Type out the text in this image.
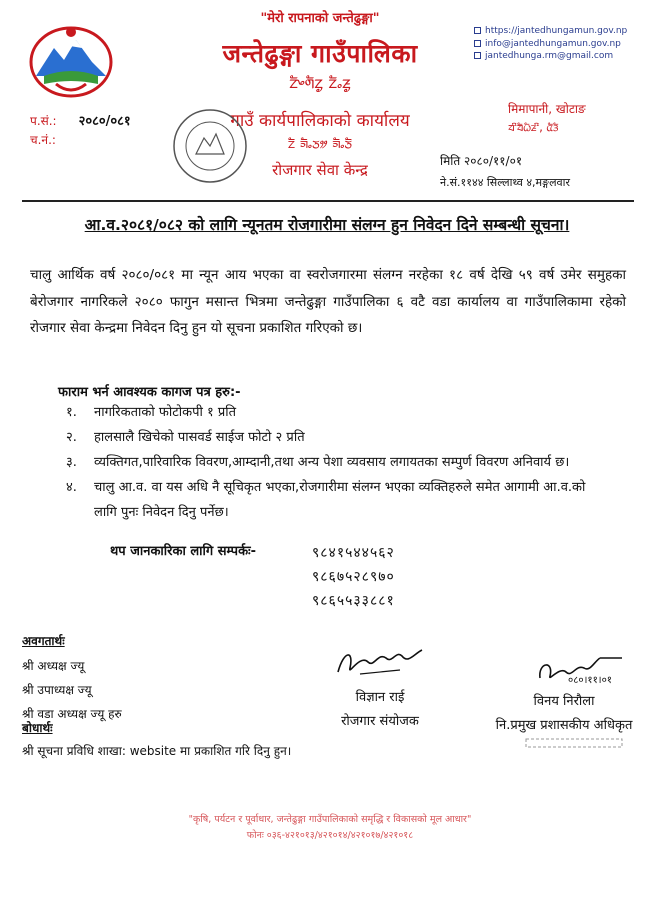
"मेरो रापनाको जन्तेढुङ्गा"
जन्तेढुङ्गा गाउँपालिका
ᤁᤠᤴᤛᤠᤁᤢ ᤁᤠᤱᤏᤢ
गाउँ कार्यपालिकाको कार्यालय
ᤁᤠ ᤈᤠᤱᤍᤤ ᤈᤠᤱᤍᤠ
रोजगार सेवा केन्द्र
https://jantedhungamun.gov.np
info@jantedhungamun.gov.np
jantedhunga.rm@gmail.com
प.सं.: २०८०/०८१
च.नं.:
मिमापानी, खोटाङ
ᤔᤡᤔᤠᤐᤠᤏᤡ, ᤂᤠᤋᤠ
मिति २०८०/११/०१
ने.सं.११४४ सिल्लाथ्व ४,मङ्गलवार
आ.व.२०८१/०८२ को लागि न्यूनतम रोजगारीमा संलग्न हुन निवेदन दिने सम्बन्धी सूचना।
चालु आर्थिक वर्ष २०८०/०८१ मा न्यून आय भएका वा स्वरोजगारमा संलग्न नरहेका १८ वर्ष देखि ५९ वर्ष उमेर समुहका बेरोजगार नागरिकले २०८० फागुन मसान्त भित्रमा जन्तेढुङ्गा गाउँपालिका ६ वटै वडा कार्यालय वा गाउँपालिकामा रहेको रोजगार सेवा केन्द्रमा निवेदन दिनु हुन यो सूचना प्रकाशित गरिएको छ।
फाराम भर्न आवश्यक कागज पत्र हरु:-
१.	नागरिकताको फोटोकपी १ प्रति
२.	हालसालै खिचेको पासवर्ड साईज फोटो २ प्रति
३.	व्यक्तिगत,पारिवारिक विवरण,आम्दानी,तथा अन्य पेशा व्यवसाय लगायतका सम्पुर्ण विवरण अनिवार्य छ।
४.	चालु आ.व. वा यस अधि नै सूचिकृत भएका,रोजगारीमा संलग्न भएका व्यक्तिहरुले समेत आगामी आ.व.को लागि पुनः निवेदन दिनु पर्नेछ।
थप जानकारिका लागि सम्पर्कः-	९८४१५४४५६२
९८६७५२८९७०
९८६५५३३८८१
अवगतार्थः
श्री अध्यक्ष ज्यू
श्री उपाध्यक्ष ज्यू
श्री वडा अध्यक्ष ज्यू हरु
बोधार्थः
श्री सूचना प्रविधि शाखा: website मा प्रकाशित गरि दिनु हुन।
विज्ञान राई
रोजगार संयोजक
०८०।११।०१
विनय निरौला
नि.प्रमुख प्रशासकीय अधिकृत
"कृषि, पर्यटन र पूर्वाधार, जन्तेढुङ्गा गाउँपालिकाको समृद्धि र विकासको मूल आधार"
फोनः ०३६-४२१०१३/४२१०१४/४२१०१७/४२१०१८
